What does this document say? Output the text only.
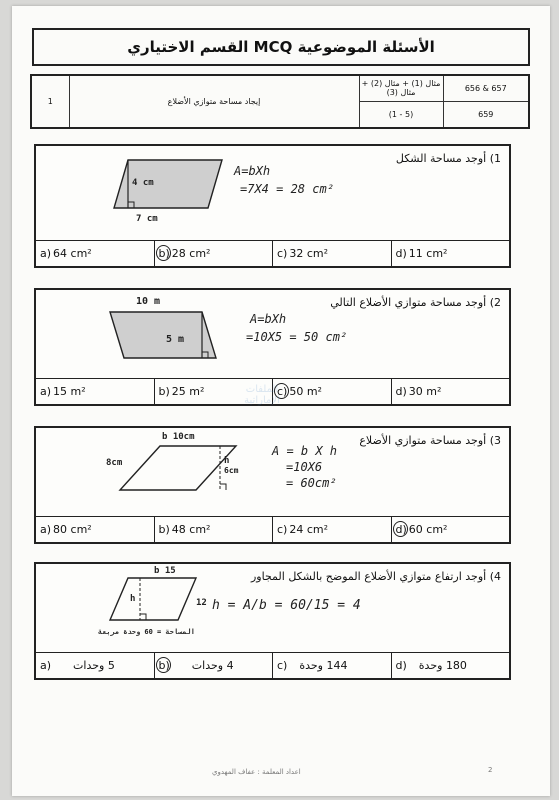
الأسئلة الموضوعية MCQ القسم الاختياري
1	إيجاد مساحة متوازي الأضلاع	مثال (1) + مثال (2) + مثال (3)	656 & 657
		(1 - 5)	659
4 cm
7 cm
A=bXh
=7X4 = 28 cm²
1) أوجد مساحة الشكل
a) 64 cm²	b) 28 cm²	c) 32 cm²	d) 11 cm²
10 m
5 m
A=bXh
=10X5 = 50 cm²
2) أوجد مساحة متوازي الأضلاع التالي
a) 15 m²	b) 25 m²	c) 50 m²	d) 30 m²
b 10cm
8cm	h
6cm
A = b X h
=10X6
= 60cm²
3) أوجد مساحة متوازي الأضلاع
a) 80 cm²	b) 48 cm²	c) 24 cm²	d) 60 cm²
b 15
12
h
المساحة = 60 وحدة مربعة
h = A/b = 60/15 = 4
4) أوجد ارتفاع متوازي الأضلاع الموضح بالشكل المجاور
a) 5 وحدات	b) 4 وحدات	c) 144 وحدة	d) 180 وحدة
الملفات الإماراتية
اعداد المعلمة : عفاف المهدوي	2
